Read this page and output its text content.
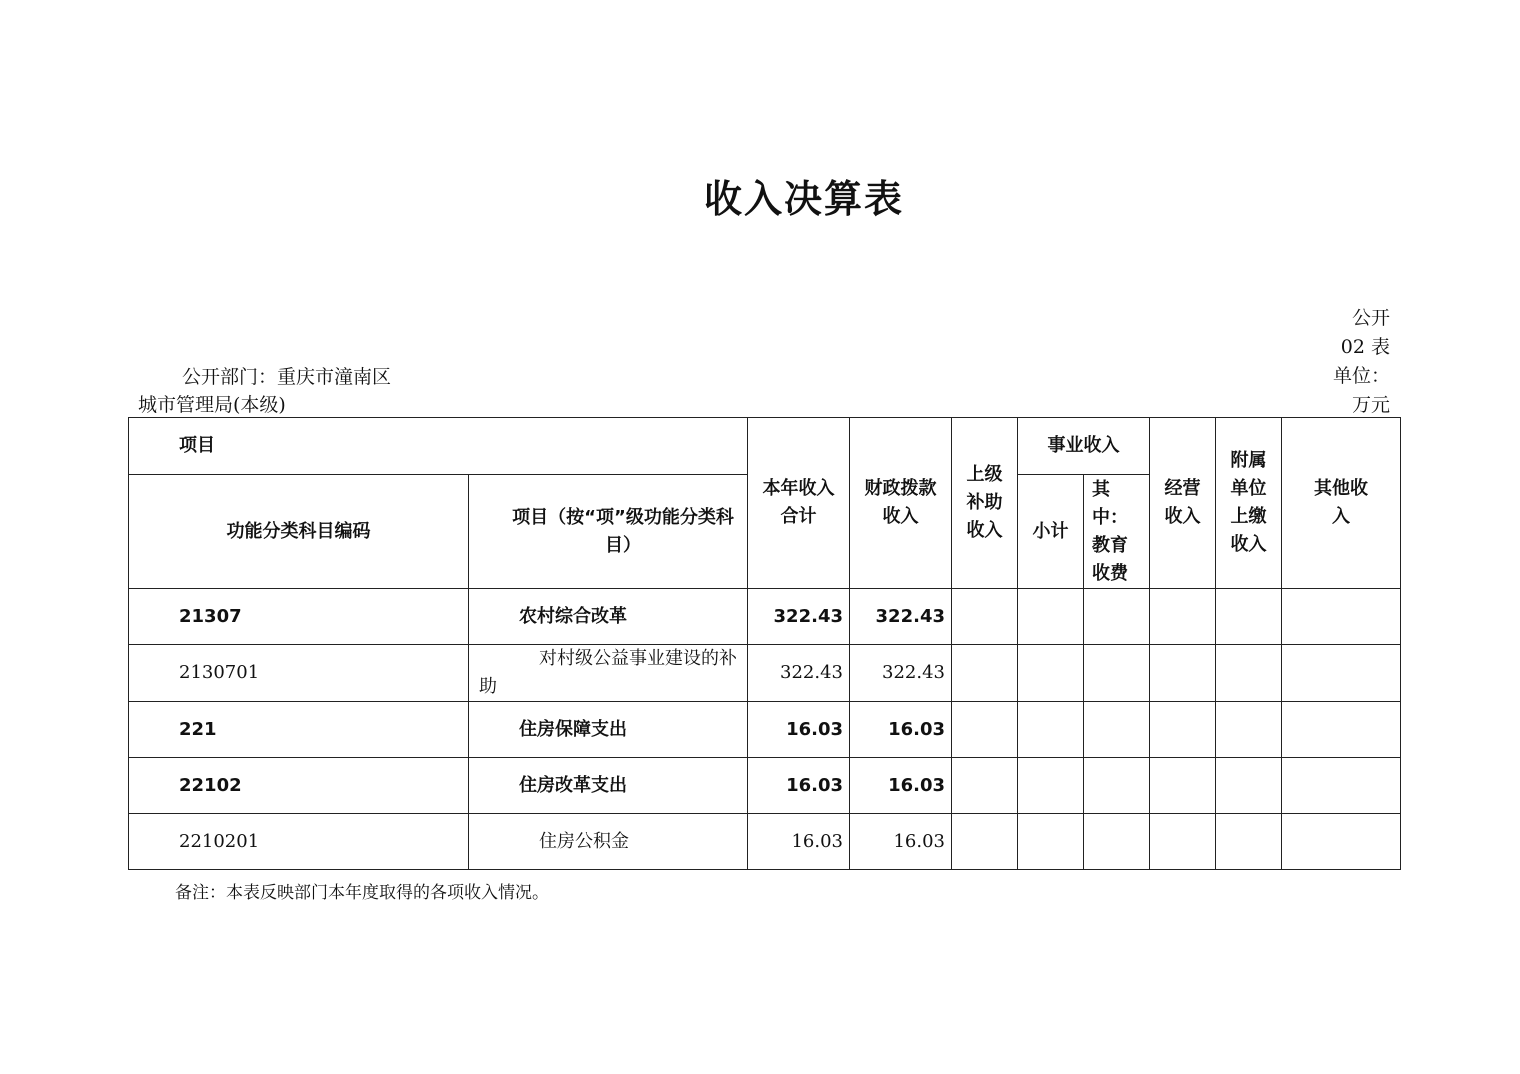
收入决算表
公开
02 表
单位：
万元
公开部门：重庆市潼南区
城市管理局(本级)
项目		本年收入合计	财政拨款收入	上级补助收入	事业收入		经营收入	附属单位上缴收入	其他收入
功能分类科目编码	项目（按“项”级功能分类科目）				小计	其中：教育收费			
21307	农村综合改革	322.43	322.43						
2130701	对村级公益事业建设的补助	322.43	322.43						
221	住房保障支出	16.03	16.03						
22102	住房改革支出	16.03	16.03						
2210201	住房公积金	16.03	16.03						
备注：本表反映部门本年度取得的各项收入情况。
